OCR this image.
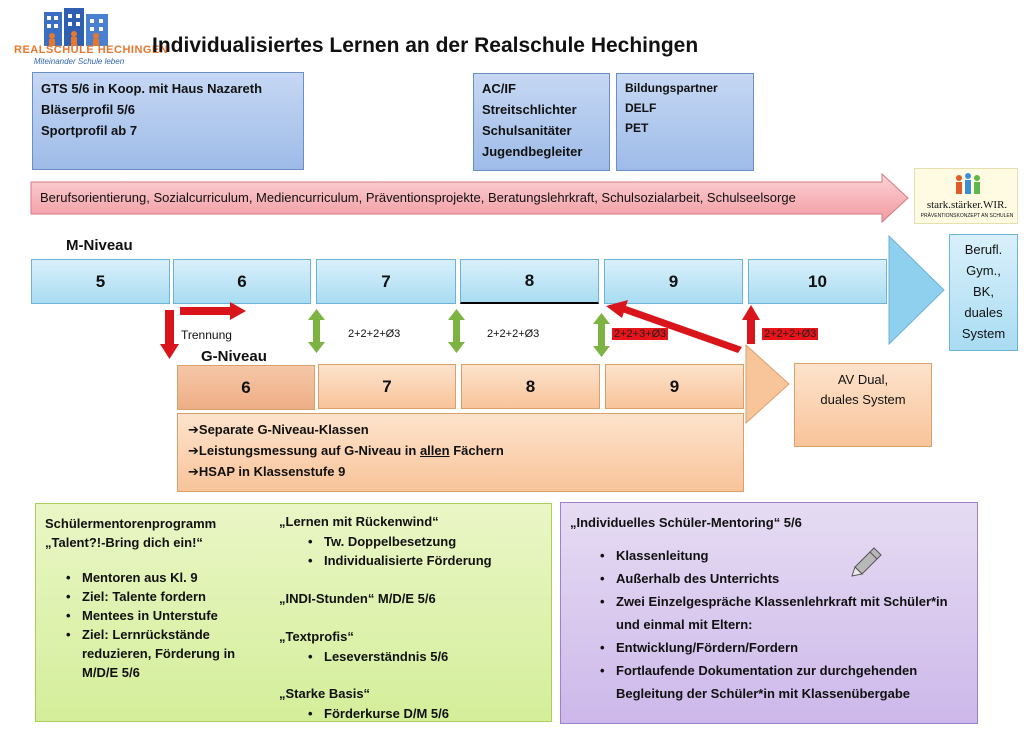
REALSCHULE HECHINGEN
Miteinander Schule leben
Individualisiertes Lernen an der Realschule Hechingen
GTS 5/6 in Koop. mit Haus Nazareth
Bläserprofil 5/6
Sportprofil ab 7
AC/IF
Streitschlichter
Schulsanitäter
Jugendbegleiter
Bildungspartner
DELF
PET
stark.stärker.WIR.
PRÄVENTIONSKONZEPT AN SCHULEN
Berufsorientierung, Sozialcurriculum, Mediencurriculum, Präventionsprojekte, Beratungslehrkraft, Schulsozialarbeit, Schulseelsorge
M-Niveau
5	6	7	8	9	10
Berufl.
Gym.,
BK,
duales
System
AV Dual,
duales System
Trennung	2+2+2+Ø3	2+2+2+Ø3	2+2+3+Ø3	2+2+2+Ø3
G-Niveau
6	7	8	9
➔Separate G-Niveau-Klassen
➔Leistungsmessung auf G-Niveau in allen Fächern
➔HSAP in Klassenstufe 9
Schülermentorenprogramm
„Talent?!-Bring dich ein!“
• Mentoren aus Kl. 9
• Ziel: Talente fordern
• Mentees in Unterstufe
• Ziel: Lernrückstände
reduzieren, Förderung in
M/D/E 5/6
„Lernen mit Rückenwind“
• Tw. Doppelbesetzung
• Individualisierte Förderung
„INDI-Stunden“ M/D/E 5/6
„Textprofis“
• Leseverständnis 5/6
„Starke Basis“
• Förderkurse D/M 5/6
„Individuelles Schüler-Mentoring“ 5/6
• Klassenleitung
• Außerhalb des Unterrichts
• Zwei Einzelgespräche Klassenlehrkraft mit Schüler*in
und einmal mit Eltern:
• Entwicklung/Fördern/Fordern
• Fortlaufende Dokumentation zur durchgehenden
Begleitung der Schüler*in mit Klassenübergabe
